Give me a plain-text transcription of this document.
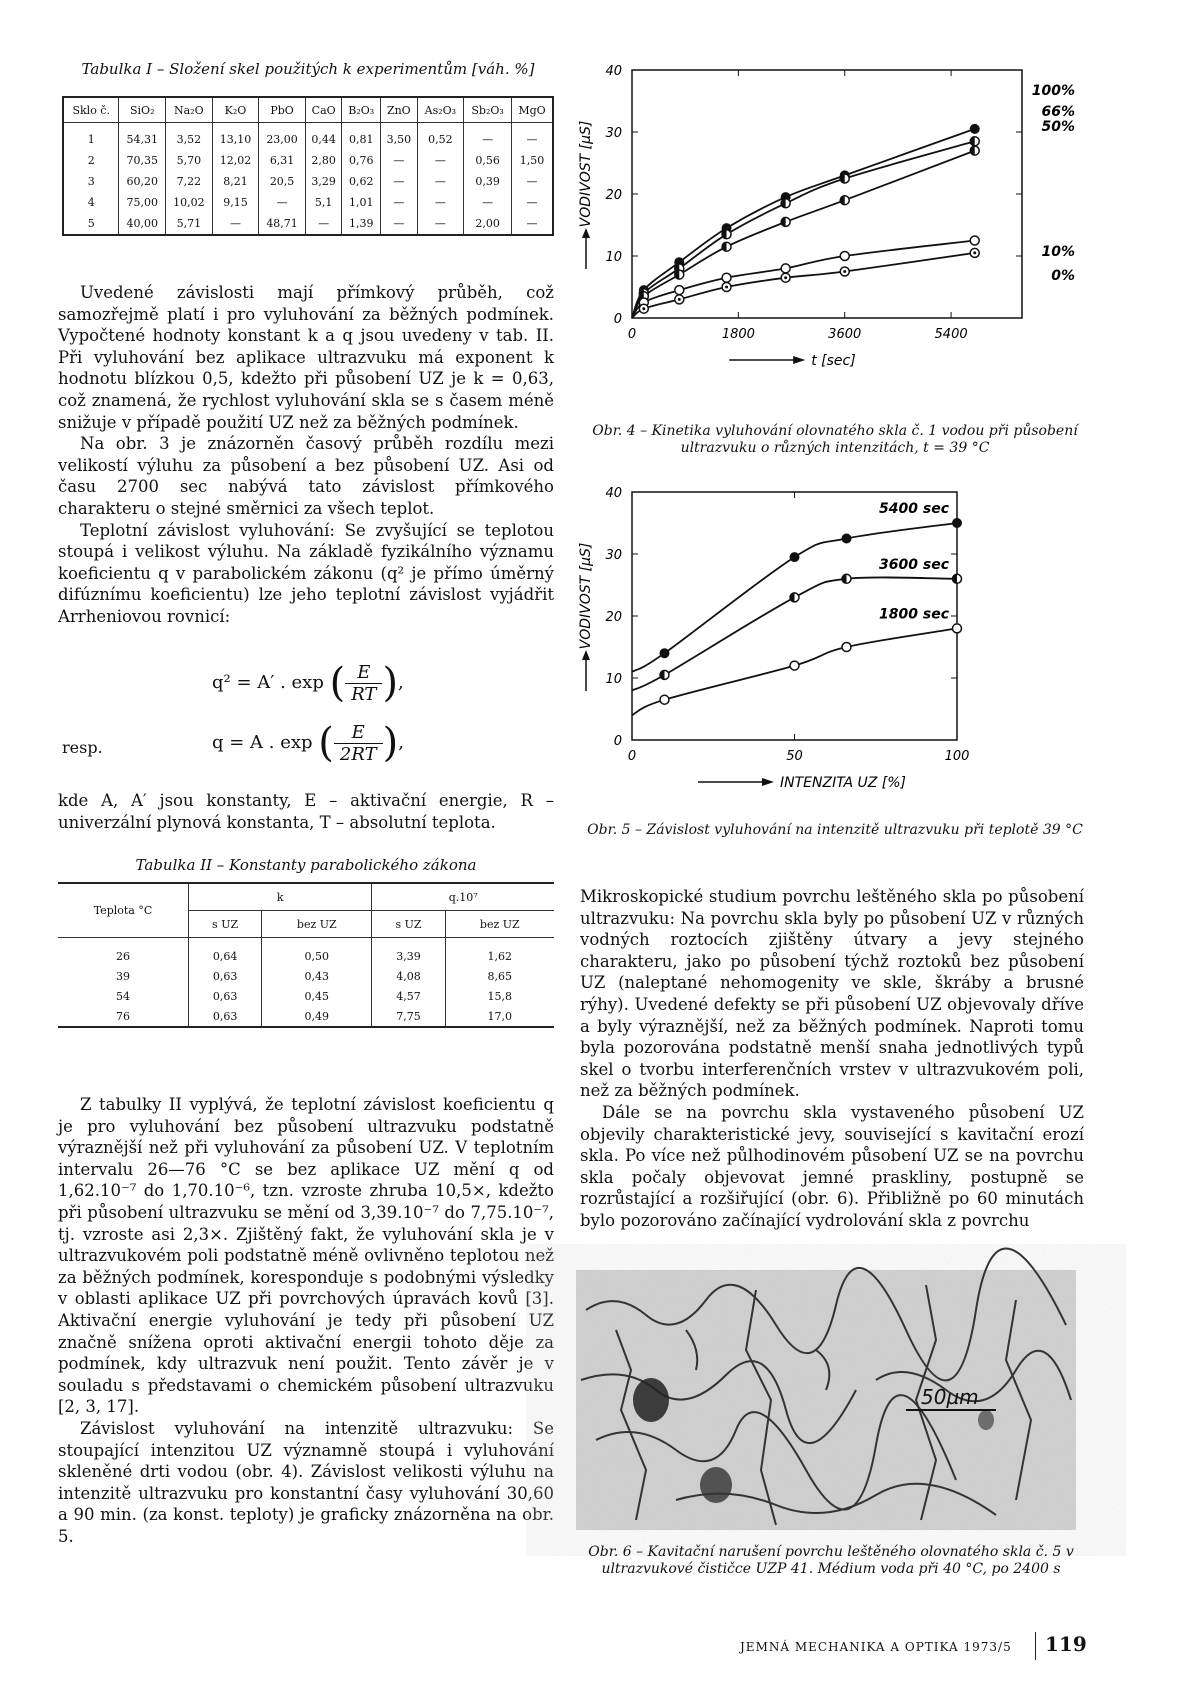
Tabulka I – Složení skel použitých k experimentům [váh. %]
Sklo č.	SiO₂	Na₂O	K₂O	PbO	CaO	B₂O₃	ZnO	As₂O₃	Sb₂O₃	MgO
1	54,31	3,52	13,10	23,00	0,44	0,81	3,50	0,52	—	—
2	70,35	5,70	12,02	6,31	2,80	0,76	—	—	0,56	1,50
3	60,20	7,22	8,21	20,5	3,29	0,62	—	—	0,39	—
4	75,00	10,02	9,15	—	5,1	1,01	—	—	—	—
5	40,00	5,71	—	48,71	—	1,39	—	—	2,00	—

Uvedené závislosti mají přímkový průběh, což samozřejmě platí i pro vyluhování za běžných podmínek. Vypočtené hodnoty konstant k a q jsou uvedeny v tab. II. Při vyluhování bez aplikace ultrazvuku má exponent k hodnotu blízkou 0,5, kdežto při působení UZ je k = 0,63, což znamená, že rychlost vyluhování skla se s časem méně snižuje v případě použití UZ než za běžných podmínek.

Na obr. 3 je znázorněn časový průběh rozdílu mezi velikostí výluhu za působení a bez působení UZ. Asi od času 2700 sec nabývá tato závislost přímkového charakteru o stejné směrnici za všech teplot.

Teplotní závislost vyluhování: Se zvyšující se teplotou stoupá i velikost výluhu. Na základě fyzikálního významu koeficientu q v parabolickém zákonu (q² je přímo úměrný difúznímu koeficientu) lze jeho teplotní závislost vyjádřit Arrheniovou rovnicí:

q² = A′ . exp ( $\frac{E}{RT}$ ),
resp.	q = A . exp ( $\frac{E}{2RT}$ ),

kde A, A′ jsou konstanty, E – aktivační energie, R – univerzální plynová konstanta, T – absolutní teplota.

Tabulka II – Konstanty parabolického zákona
Teplota °C	k		q.10⁷	
	s UZ	bez UZ	s UZ	bez UZ
26	0,64	0,50	3,39	1,62
39	0,63	0,43	4,08	8,65
54	0,63	0,45	4,57	15,8
76	0,63	0,49	7,75	17,0

Z tabulky II vyplývá, že teplotní závislost koeficientu q je pro vyluhování bez působení ultrazvuku podstatně výraznější než při vyluhování za působení UZ. V teplotním intervalu 26—76 °C se bez aplikace UZ mění q od 1,62.10⁻⁷ do 1,70.10⁻⁶, tzn. vzroste zhruba 10,5×, kdežto při působení ultrazvuku se mění od 3,39.10⁻⁷ do 7,75.10⁻⁷, tj. vzroste asi 2,3×. Zjištěný fakt, že vyluhování skla je v ultrazvukovém poli podstatně méně ovlivněno teplotou než za běžných podmínek, koresponduje s podobnými výsledky v oblasti aplikace UZ při povrchových úpravách kovů [3]. Aktivační energie vyluhování je tedy při působení UZ značně snížena oproti aktivační energii tohoto děje za podmínek, kdy ultrazvuk není použit. Tento závěr je v souladu s představami o chemickém působení ultrazvuku [2, 3, 17].

Závislost vyluhování na intenzitě ultrazvuku: Se stoupající intenzitou UZ významně stoupá i vyluhování skleněné drti vodou (obr. 4). Závislost velikosti výluhu na intenzitě ultrazvuku pro konstantní časy vyluhování 30,60 a 90 min. (za konst. teploty) je graficky znázorněna na obr. 5.

0
10
20
30
40
0	1800	3600	5400
VODIVOST [µS]
t [sec]
100%
66%
50%
10%
0%
Obr. 4 – Kinetika vyluhování olovnatého skla č. 1 vodou při působení ultrazvuku o různých intenzitách, t = 39 °C
0
10
20
30
40
0	50	100
VODIVOST [µS]
INTENZITA UZ [%]
5400 sec
3600 sec
1800 sec
Obr. 5 – Závislost vyluhování na intenzitě ultrazvuku při teplotě 39 °C

Mikroskopické studium povrchu leštěného skla po působení ultrazvuku: Na povrchu skla byly po působení UZ v různých vodných roztocích zjištěny útvary a jevy stejného charakteru, jako po působení týchž roztoků bez působení UZ (naleptané nehomogenity ve skle, škráby a brusné rýhy). Uvedené defekty se při působení UZ objevovaly dříve a byly výraznější, než za běžných podmínek. Naproti tomu byla pozorována podstatně menší snaha jednotlivých typů skel o tvorbu interferenčních vrstev v ultrazvukovém poli, než za běžných podmínek.

Dále se na povrchu skla vystaveného působení UZ objevily charakteristické jevy, související s kavitační erozí skla. Po více než půlhodinovém působení UZ se na povrchu skla počaly objevovat jemné praskliny, postupně se rozrůstající a rozšiřující (obr. 6). Přibližně po 60 minutách bylo pozorováno začínající vydrolování skla z povrchu

50µm
Obr. 6 – Kavitační narušení povrchu leštěného olovnatého skla č. 5 v ultrazvukové čističce UZP 41. Médium voda při 40 °C, po 2400 s
JEMNÁ MECHANIKA A OPTIKA 1973/5 119
